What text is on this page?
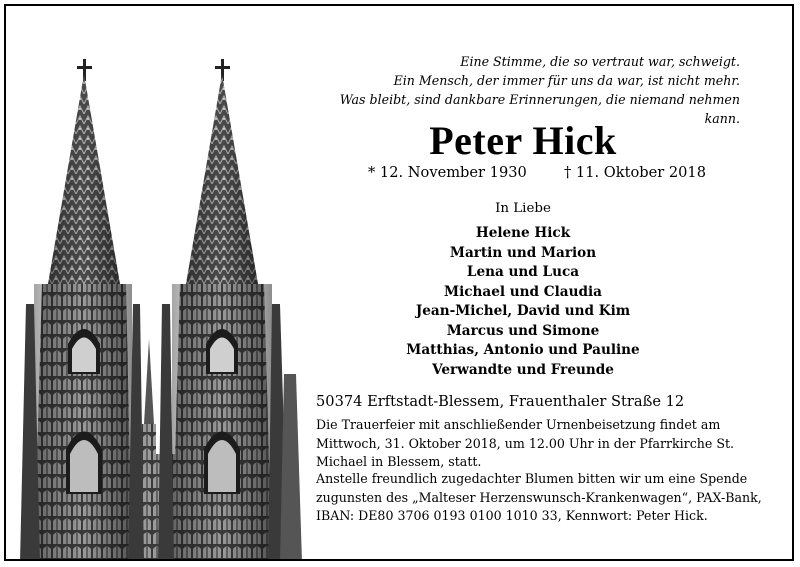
Eine Stimme, die so vertraut war, schweigt.
Ein Mensch, der immer für uns da war, ist nicht mehr.
Was bleibt, sind dankbare Erinnerungen, die niemand nehmen kann.
Peter Hick
* 12. November 1930	† 11. Oktober 2018
In Liebe
Helene Hick
Martin und Marion
Lena und Luca
Michael und Claudia
Jean-Michel, David und Kim
Marcus und Simone
Matthias, Antonio und Pauline
Verwandte und Freunde
50374 Erftstadt-Blessem, Frauenthaler Straße 12
Die Trauerfeier mit anschließender Urnenbeisetzung findet am Mittwoch, 31. Oktober 2018, um 12.00 Uhr in der Pfarrkirche St. Michael in Blessem, statt.
Anstelle freundlich zugedachter Blumen bitten wir um eine Spende zugunsten des „Malteser Herzenswunsch-Krankenwagen“, PAX-Bank, IBAN: DE80 3706 0193 0100 1010 33, Kennwort: Peter Hick.
